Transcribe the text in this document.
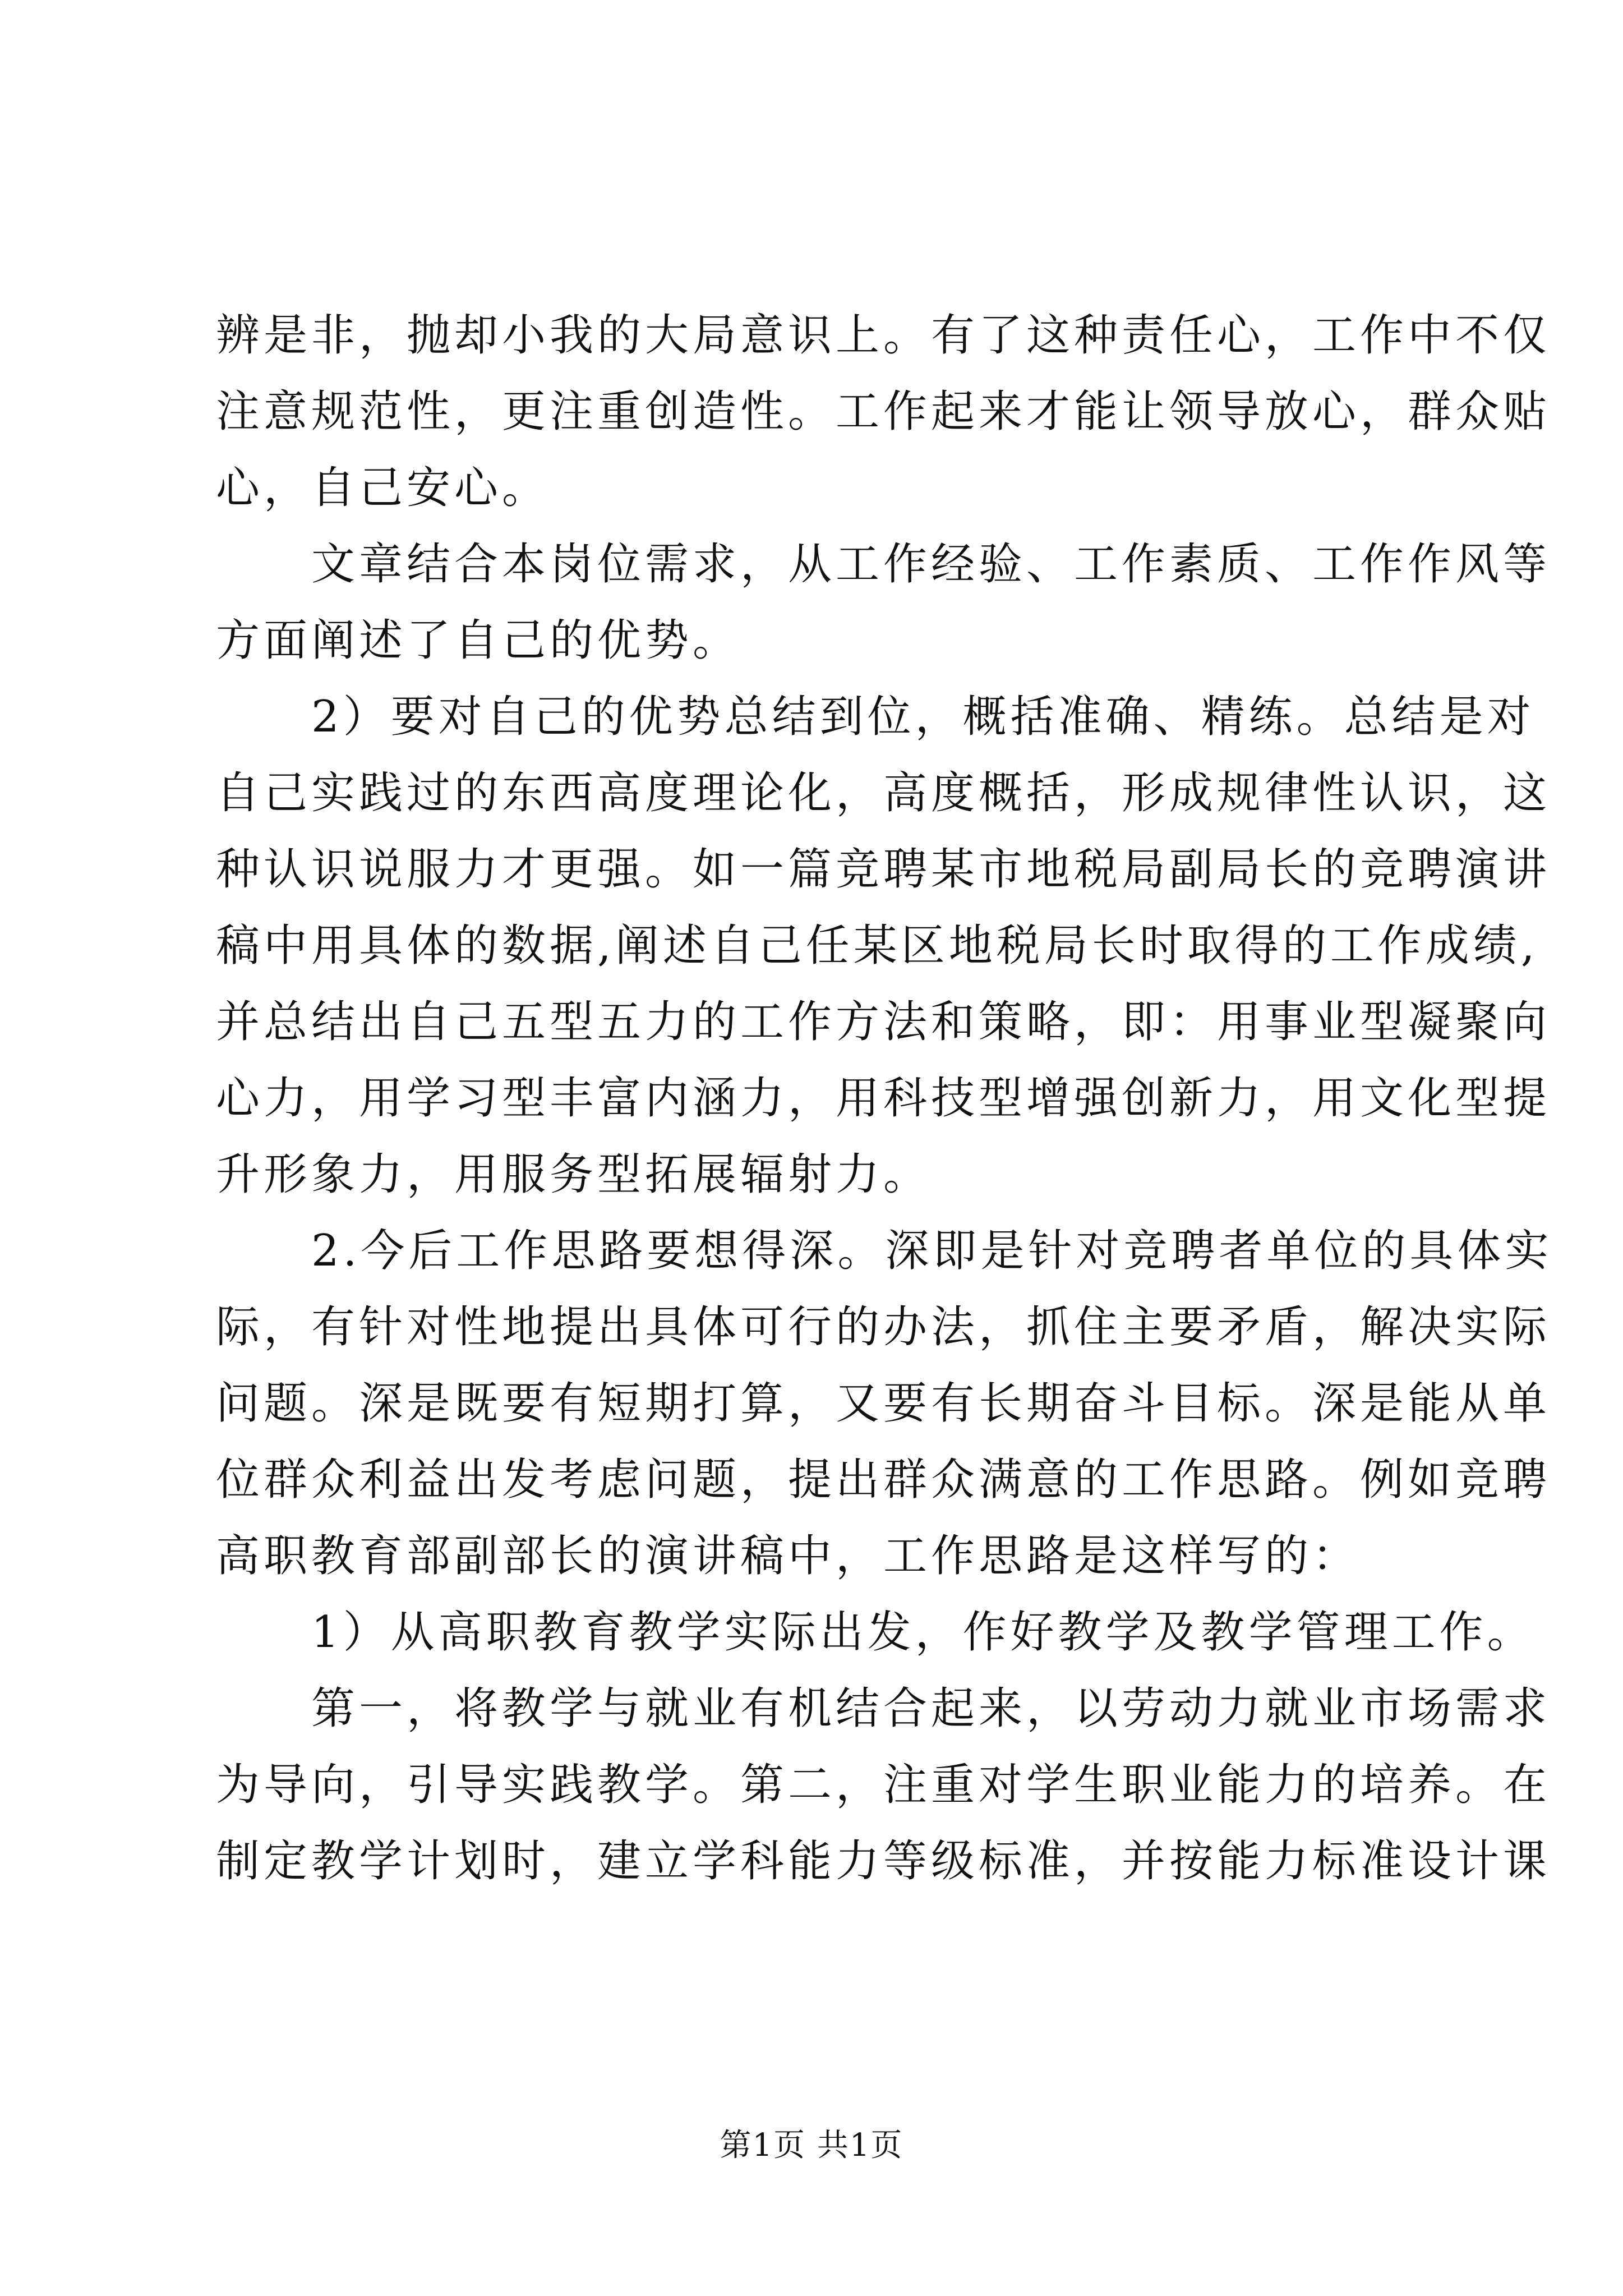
辨是非，抛却小我的大局意识上。有了这种责任心，工作中不仅
注意规范性，更注重创造性。工作起来才能让领导放心，群众贴
心，自己安心。
　　文章结合本岗位需求，从工作经验、工作素质、工作作风等
方面阐述了自己的优势。
　　2）要对自己的优势总结到位，概括准确、精练。总结是对
自己实践过的东西高度理论化，高度概括，形成规律性认识，这
种认识说服力才更强。如一篇竞聘某市地税局副局长的竞聘演讲
稿中用具体的数据,阐述自己任某区地税局长时取得的工作成绩,
并总结出自己五型五力的工作方法和策略，即：用事业型凝聚向
心力，用学习型丰富内涵力，用科技型增强创新力，用文化型提
升形象力，用服务型拓展辐射力。
　　2.今后工作思路要想得深。深即是针对竞聘者单位的具体实
际，有针对性地提出具体可行的办法，抓住主要矛盾，解决实际
问题。深是既要有短期打算，又要有长期奋斗目标。深是能从单
位群众利益出发考虑问题，提出群众满意的工作思路。例如竞聘
高职教育部副部长的演讲稿中，工作思路是这样写的：
　　1）从高职教育教学实际出发，作好教学及教学管理工作。
　　第一，将教学与就业有机结合起来，以劳动力就业市场需求
为导向，引导实践教学。第二，注重对学生职业能力的培养。在
制定教学计划时，建立学科能力等级标准，并按能力标准设计课
第1页 共1页
